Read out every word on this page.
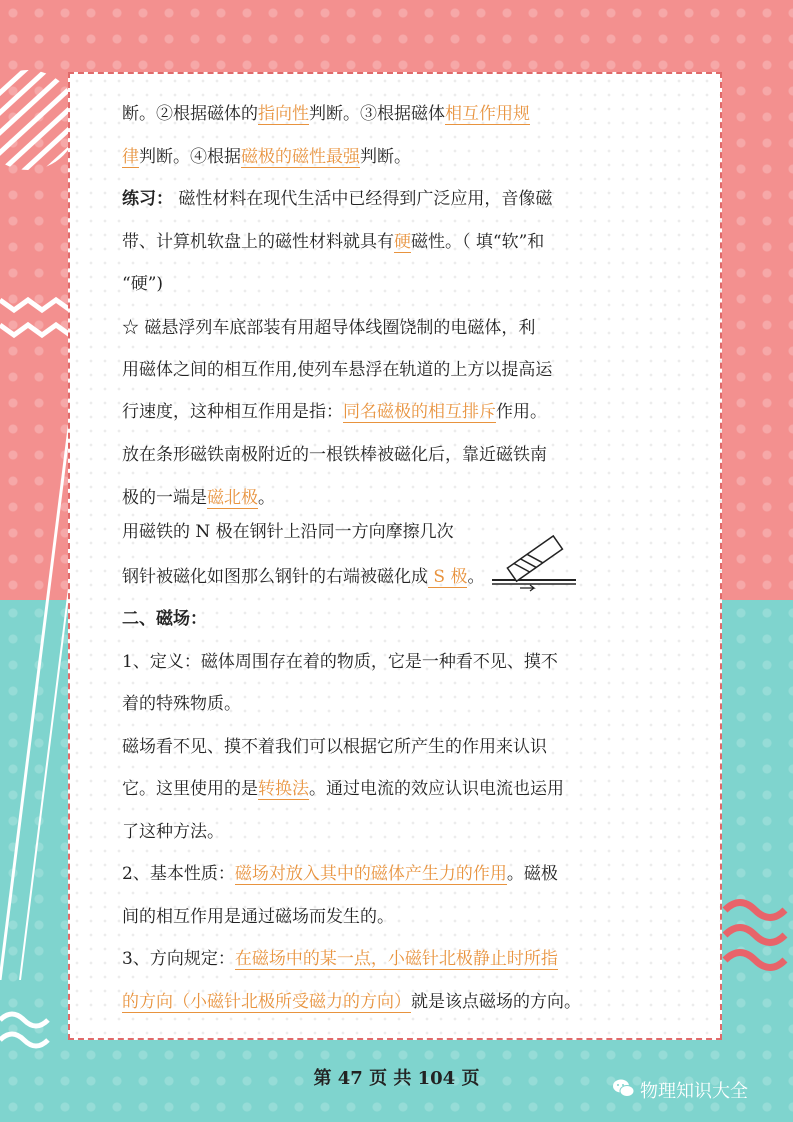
断。②根据磁体的指向性判断。③根据磁体相互作用规
律判断。④根据磁极的磁性最强判断。
练习： 磁性材料在现代生活中已经得到广泛应用，音像磁
带、计算机软盘上的磁性材料就具有硬磁性。（ 填“软”和
“硬”)
☆ 磁悬浮列车底部装有用超导体线圈饶制的电磁体，利
用磁体之间的相互作用,使列车悬浮在轨道的上方以提高运
行速度，这种相互作用是指：同名磁极的相互排斥作用。
放在条形磁铁南极附近的一根铁棒被磁化后，靠近磁铁南
极的一端是磁北极。
用磁铁的 N 极在钢针上沿同一方向摩擦几次
钢针被磁化如图那么钢针的右端被磁化成 S 极。
二、磁场：
1、定义：磁体周围存在着的物质，它是一种看不见、摸不
着的特殊物质。
磁场看不见、摸不着我们可以根据它所产生的作用来认识
它。这里使用的是转换法。通过电流的效应认识电流也运用
了这种方法。
2、基本性质：磁场对放入其中的磁体产生力的作用。磁极
间的相互作用是通过磁场而发生的。
3、方向规定：在磁场中的某一点，小磁针北极静止时所指
的方向（小磁针北极所受磁力的方向）就是该点磁场的方向。
第 47 页 共 104 页
物理知识大全
